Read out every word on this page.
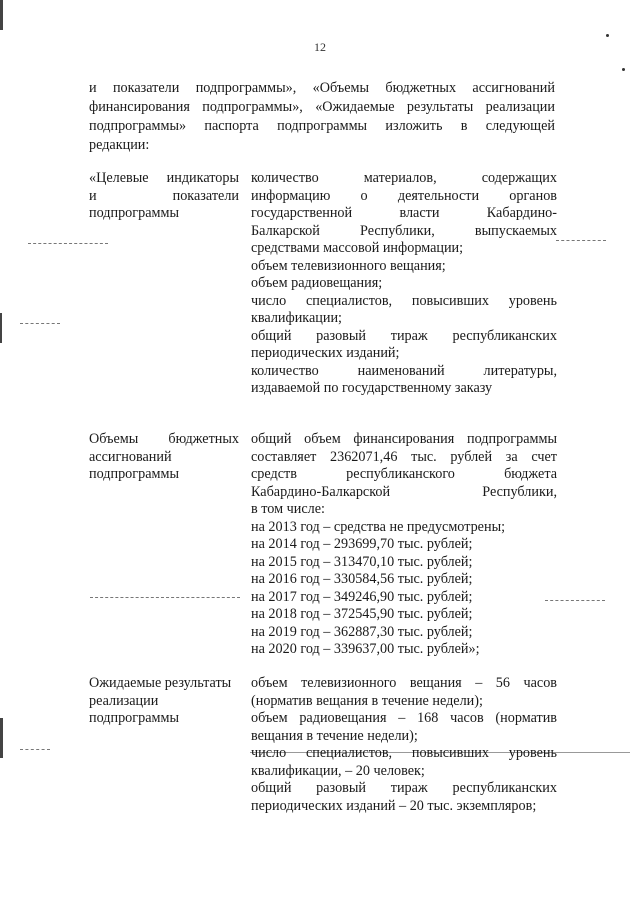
12
и показатели подпрограммы», «Объемы бюджетных ассигнований
финансирования подпрограммы», «Ожидаемые результаты реализации
подпрограммы» паспорта подпрограммы изложить в следующей
редакции:
«Целевые индикаторы
и показатели
подпрограммы
количество материалов, содержащих
информацию о деятельности органов
государственной власти Кабардино-
Балкарской Республики, выпускаемых
средствами массовой информации;
объем телевизионного вещания;
объем радиовещания;
число специалистов, повысивших уровень
квалификации;
общий разовый тираж республиканских
периодических изданий;
количество наименований литературы,
издаваемой по государственному заказу
Объемы бюджетных
ассигнований
подпрограммы
общий объем финансирования подпрограммы
составляет 2362071,46 тыс. рублей за счет
средств республиканского бюджета
Кабардино-Балкарской Республики,
в том числе:
на 2013 год – средства не предусмотрены;
на 2014 год – 293699,70 тыс. рублей;
на 2015 год – 313470,10 тыс. рублей;
на 2016 год – 330584,56 тыс. рублей;
на 2017 год – 349246,90 тыс. рублей;
на 2018 год – 372545,90 тыс. рублей;
на 2019 год – 362887,30 тыс. рублей;
на 2020 год – 339637,00 тыс. рублей»;
Ожидаемые результаты
реализации
подпрограммы
объем телевизионного вещания – 56 часов
(норматив вещания в течение недели);
объем радиовещания – 168 часов (норматив
вещания в течение недели);
число специалистов, повысивших уровень
квалификации, – 20 человек;
общий разовый тираж республиканских
периодических изданий – 20 тыс. экземпляров;
